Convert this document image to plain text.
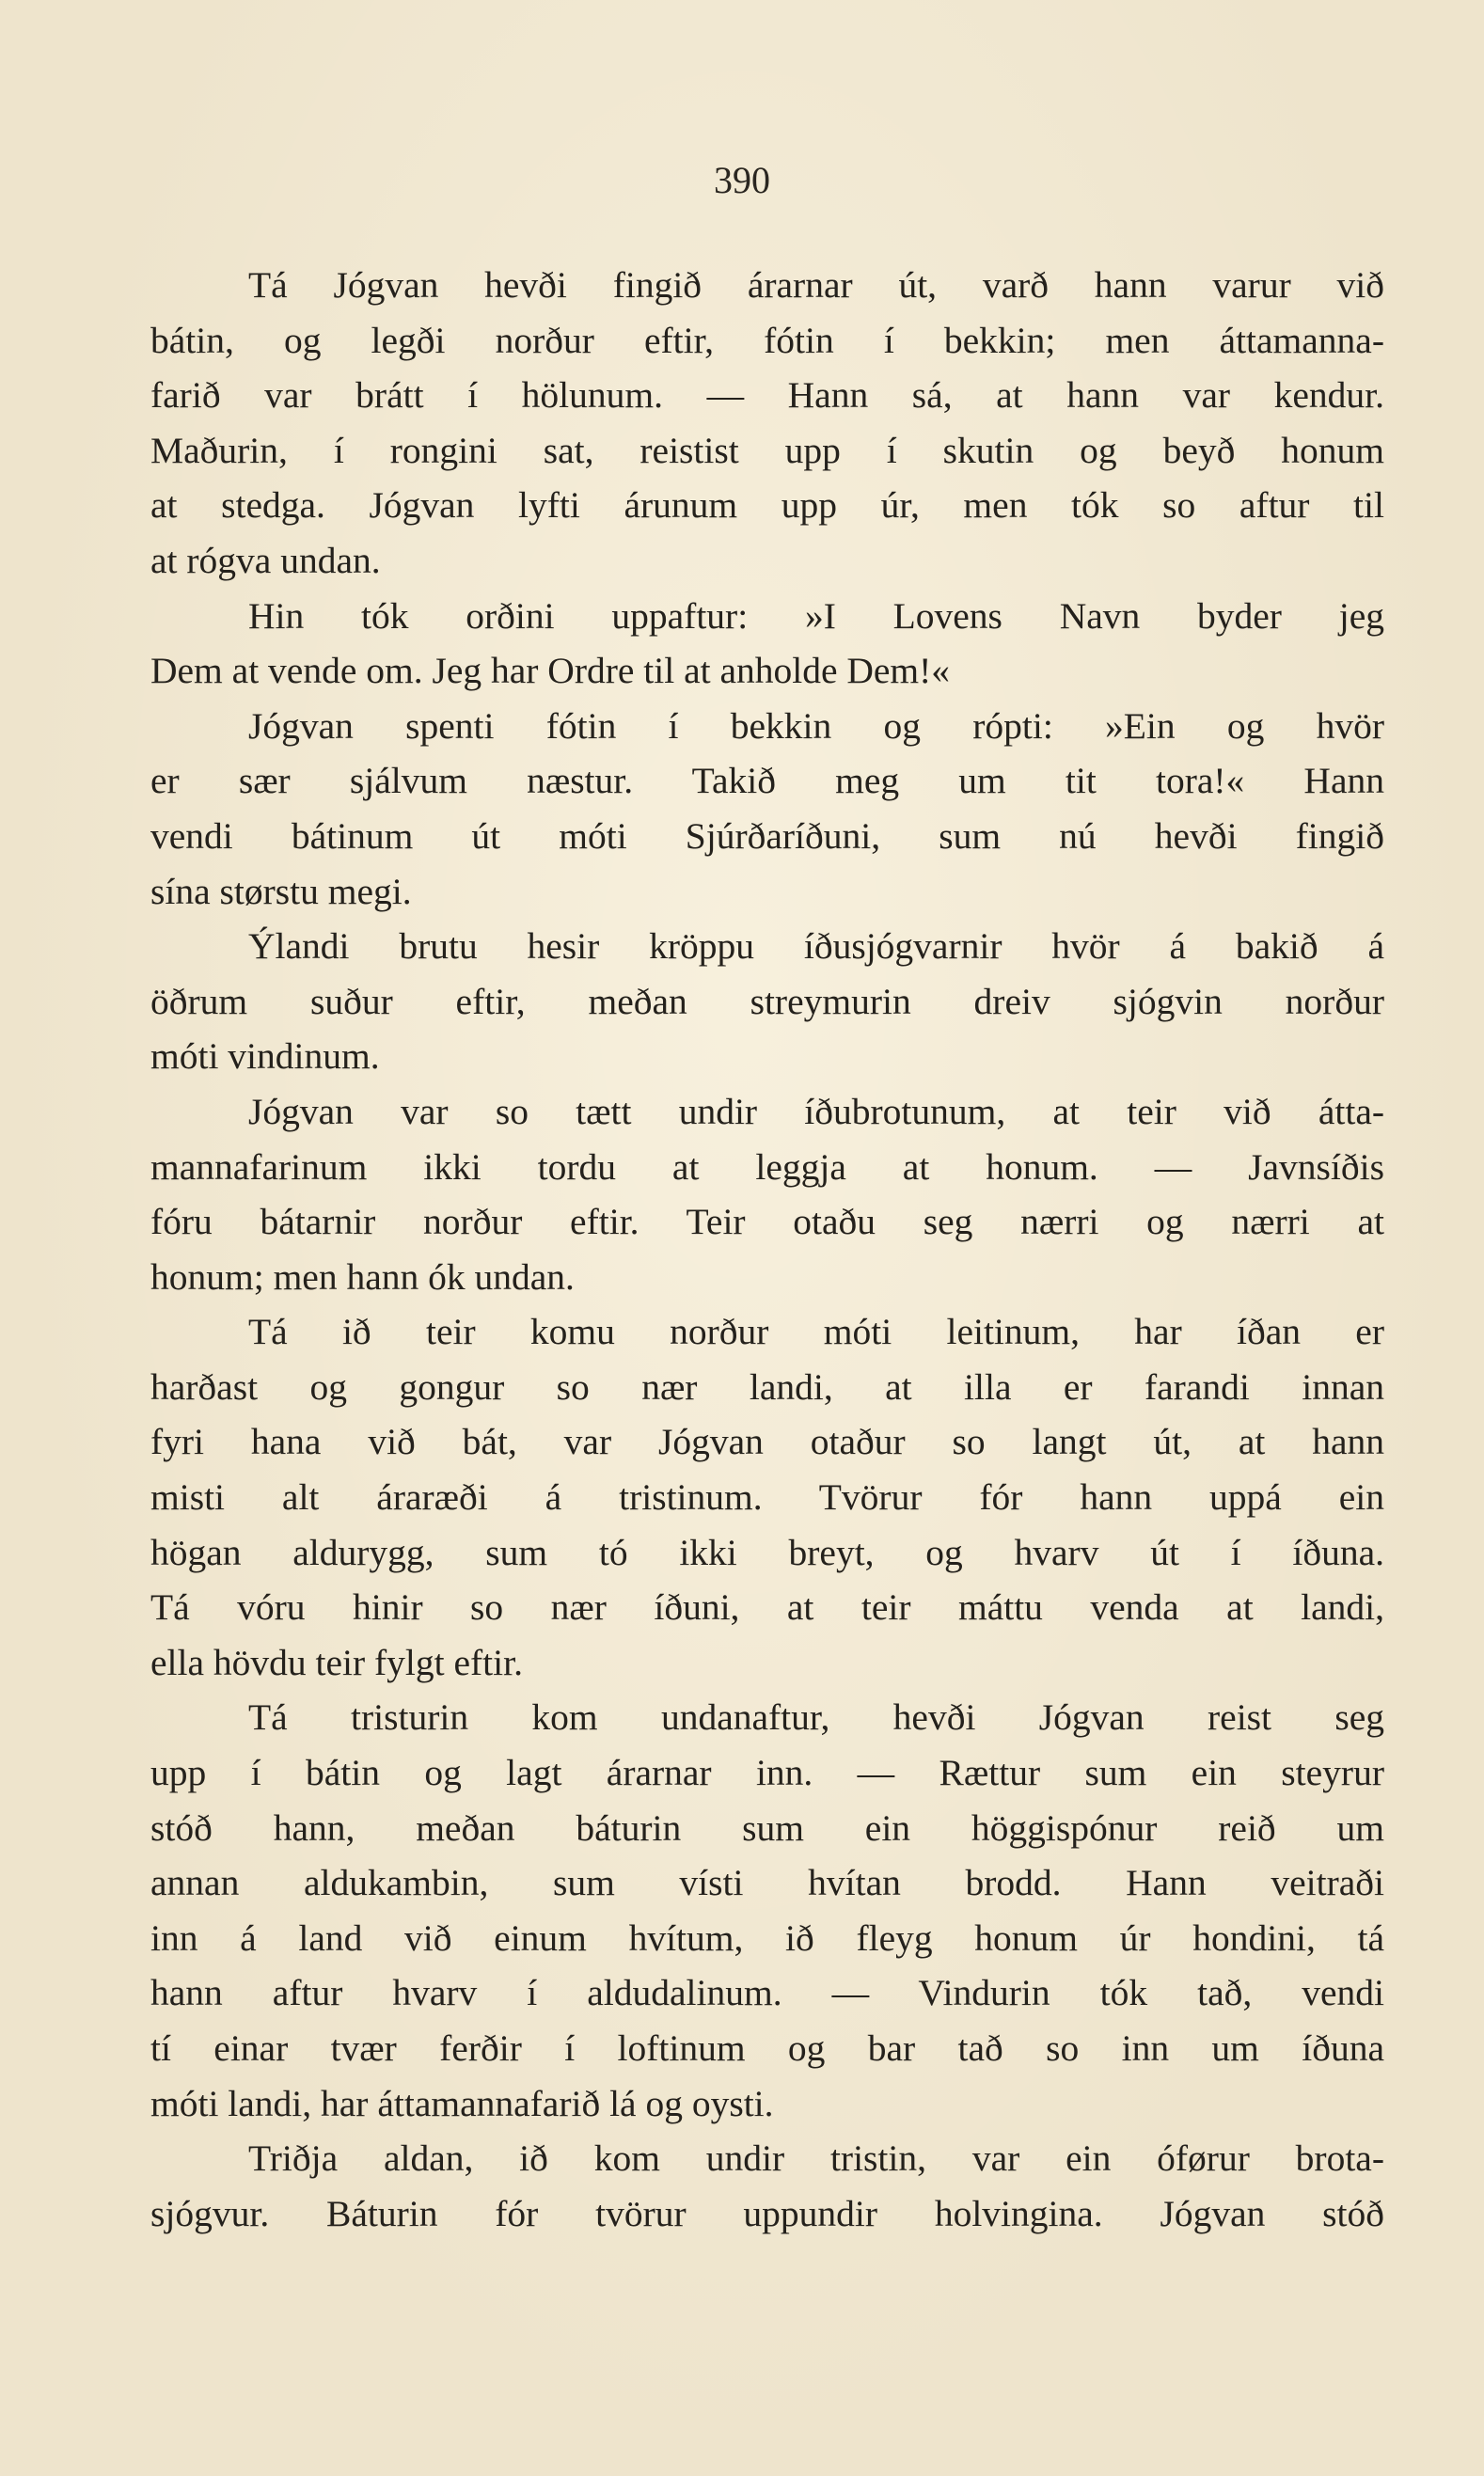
390
Tá Jógvan hevði fingið árarnar út, varð hann varur við
bátin, og legði norður eftir, fótin í bekkin; men áttamanna-
farið var brátt í hölunum. — Hann sá, at hann var kendur.
Maðurin, í rongini sat, reistist upp í skutin og beyð honum
at stedga. Jógvan lyfti árunum upp úr, men tók so aftur til
at rógva undan.
Hin tók orðini uppaftur: »I Lovens Navn byder jeg
Dem at vende om. Jeg har Ordre til at anholde Dem!«
Jógvan spenti fótin í bekkin og rópti: »Ein og hvör
er sær sjálvum næstur. Takið meg um tit tora!« Hann
vendi bátinum út móti Sjúrðaríðuni, sum nú hevði fingið
sína størstu megi.
Ýlandi brutu hesir kröppu íðusjógvarnir hvör á bakið á
öðrum suður eftir, meðan streymurin dreiv sjógvin norður
móti vindinum.
Jógvan var so tætt undir íðubrotunum, at teir við átta-
mannafarinum ikki tordu at leggja at honum. — Javnsíðis
fóru bátarnir norður eftir. Teir otaðu seg nærri og nærri at
honum; men hann ók undan.
Tá ið teir komu norður móti leitinum, har íðan er
harðast og gongur so nær landi, at illa er farandi innan
fyri hana við bát, var Jógvan otaður so langt út, at hann
misti alt áraræði á tristinum. Tvörur fór hann uppá ein
högan aldurygg, sum tó ikki breyt, og hvarv út í íðuna.
Tá vóru hinir so nær íðuni, at teir máttu venda at landi,
ella hövdu teir fylgt eftir.
Tá tristurin kom undanaftur, hevði Jógvan reist seg
upp í bátin og lagt árarnar inn. — Rættur sum ein steyrur
stóð hann, meðan báturin sum ein höggispónur reið um
annan aldukambin, sum vísti hvítan brodd. Hann veitraði
inn á land við einum hvítum, ið fleyg honum úr hondini, tá
hann aftur hvarv í aldudalinum. — Vindurin tók tað, vendi
tí einar tvær ferðir í loftinum og bar tað so inn um íðuna
móti landi, har áttamannafarið lá og oysti.
Triðja aldan, ið kom undir tristin, var ein óførur brota-
sjógvur. Báturin fór tvörur uppundir holvingina. Jógvan stóð
